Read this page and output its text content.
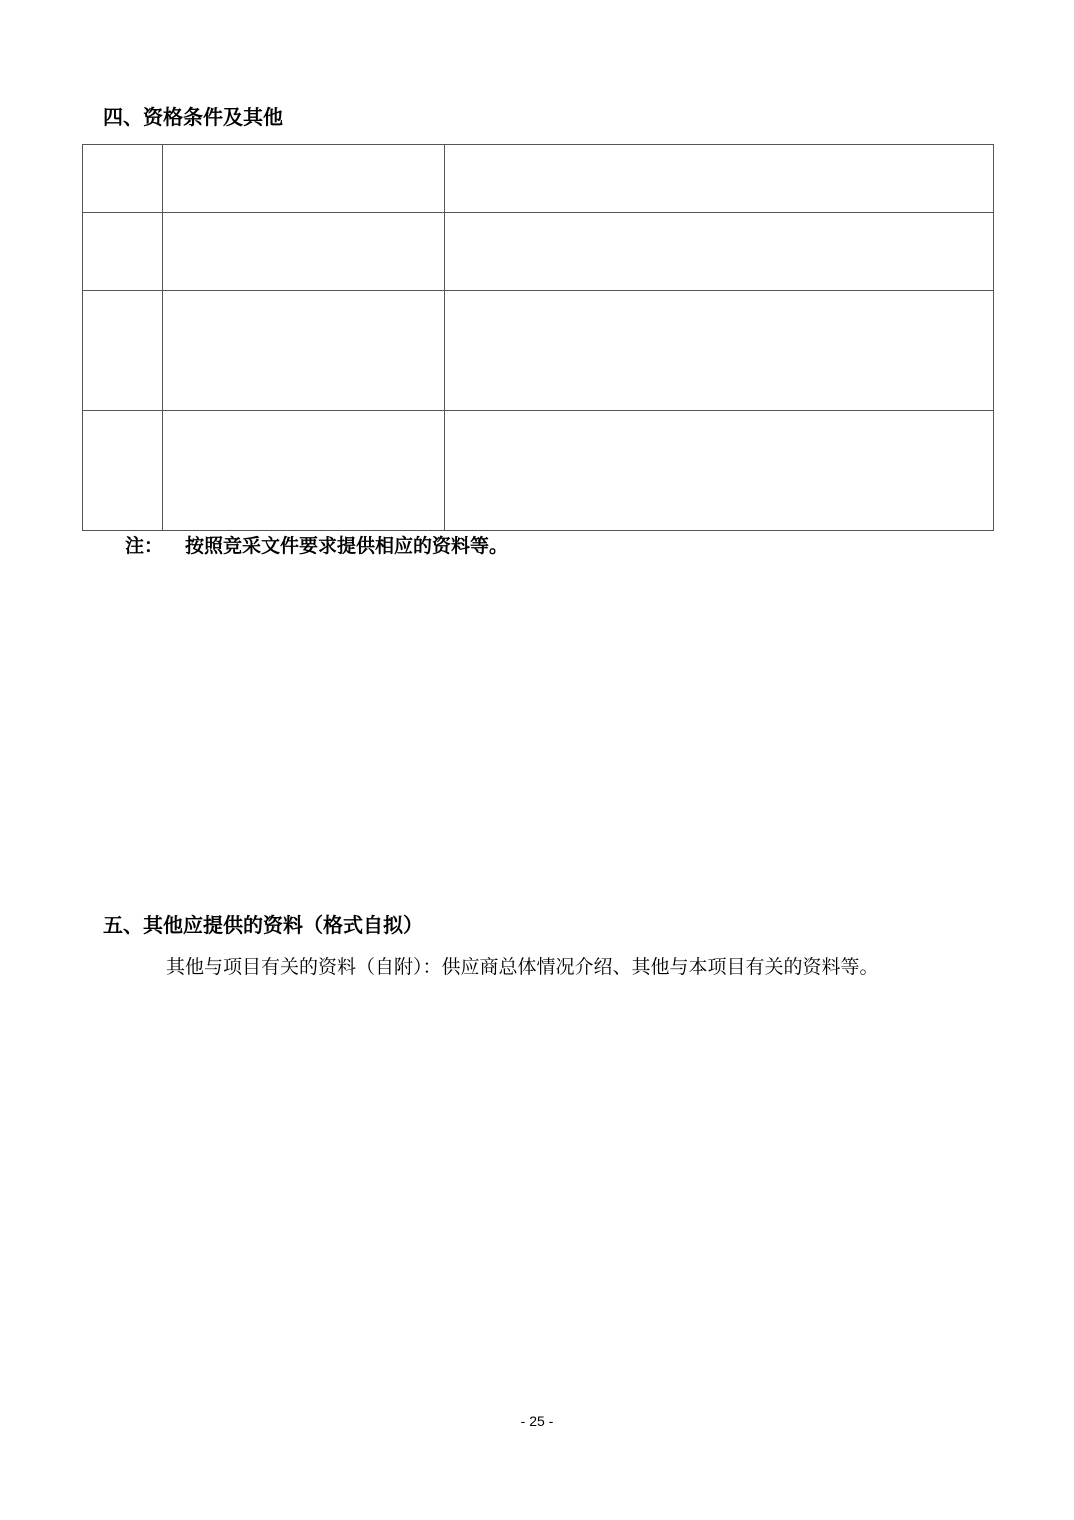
四、资格条件及其他

注： 按照竞采文件要求提供相应的资料等。
五、其他应提供的资料（格式自拟）
其他与项目有关的资料（自附）：供应商总体情况介绍、其他与本项目有关的资料等。
- 25 -
